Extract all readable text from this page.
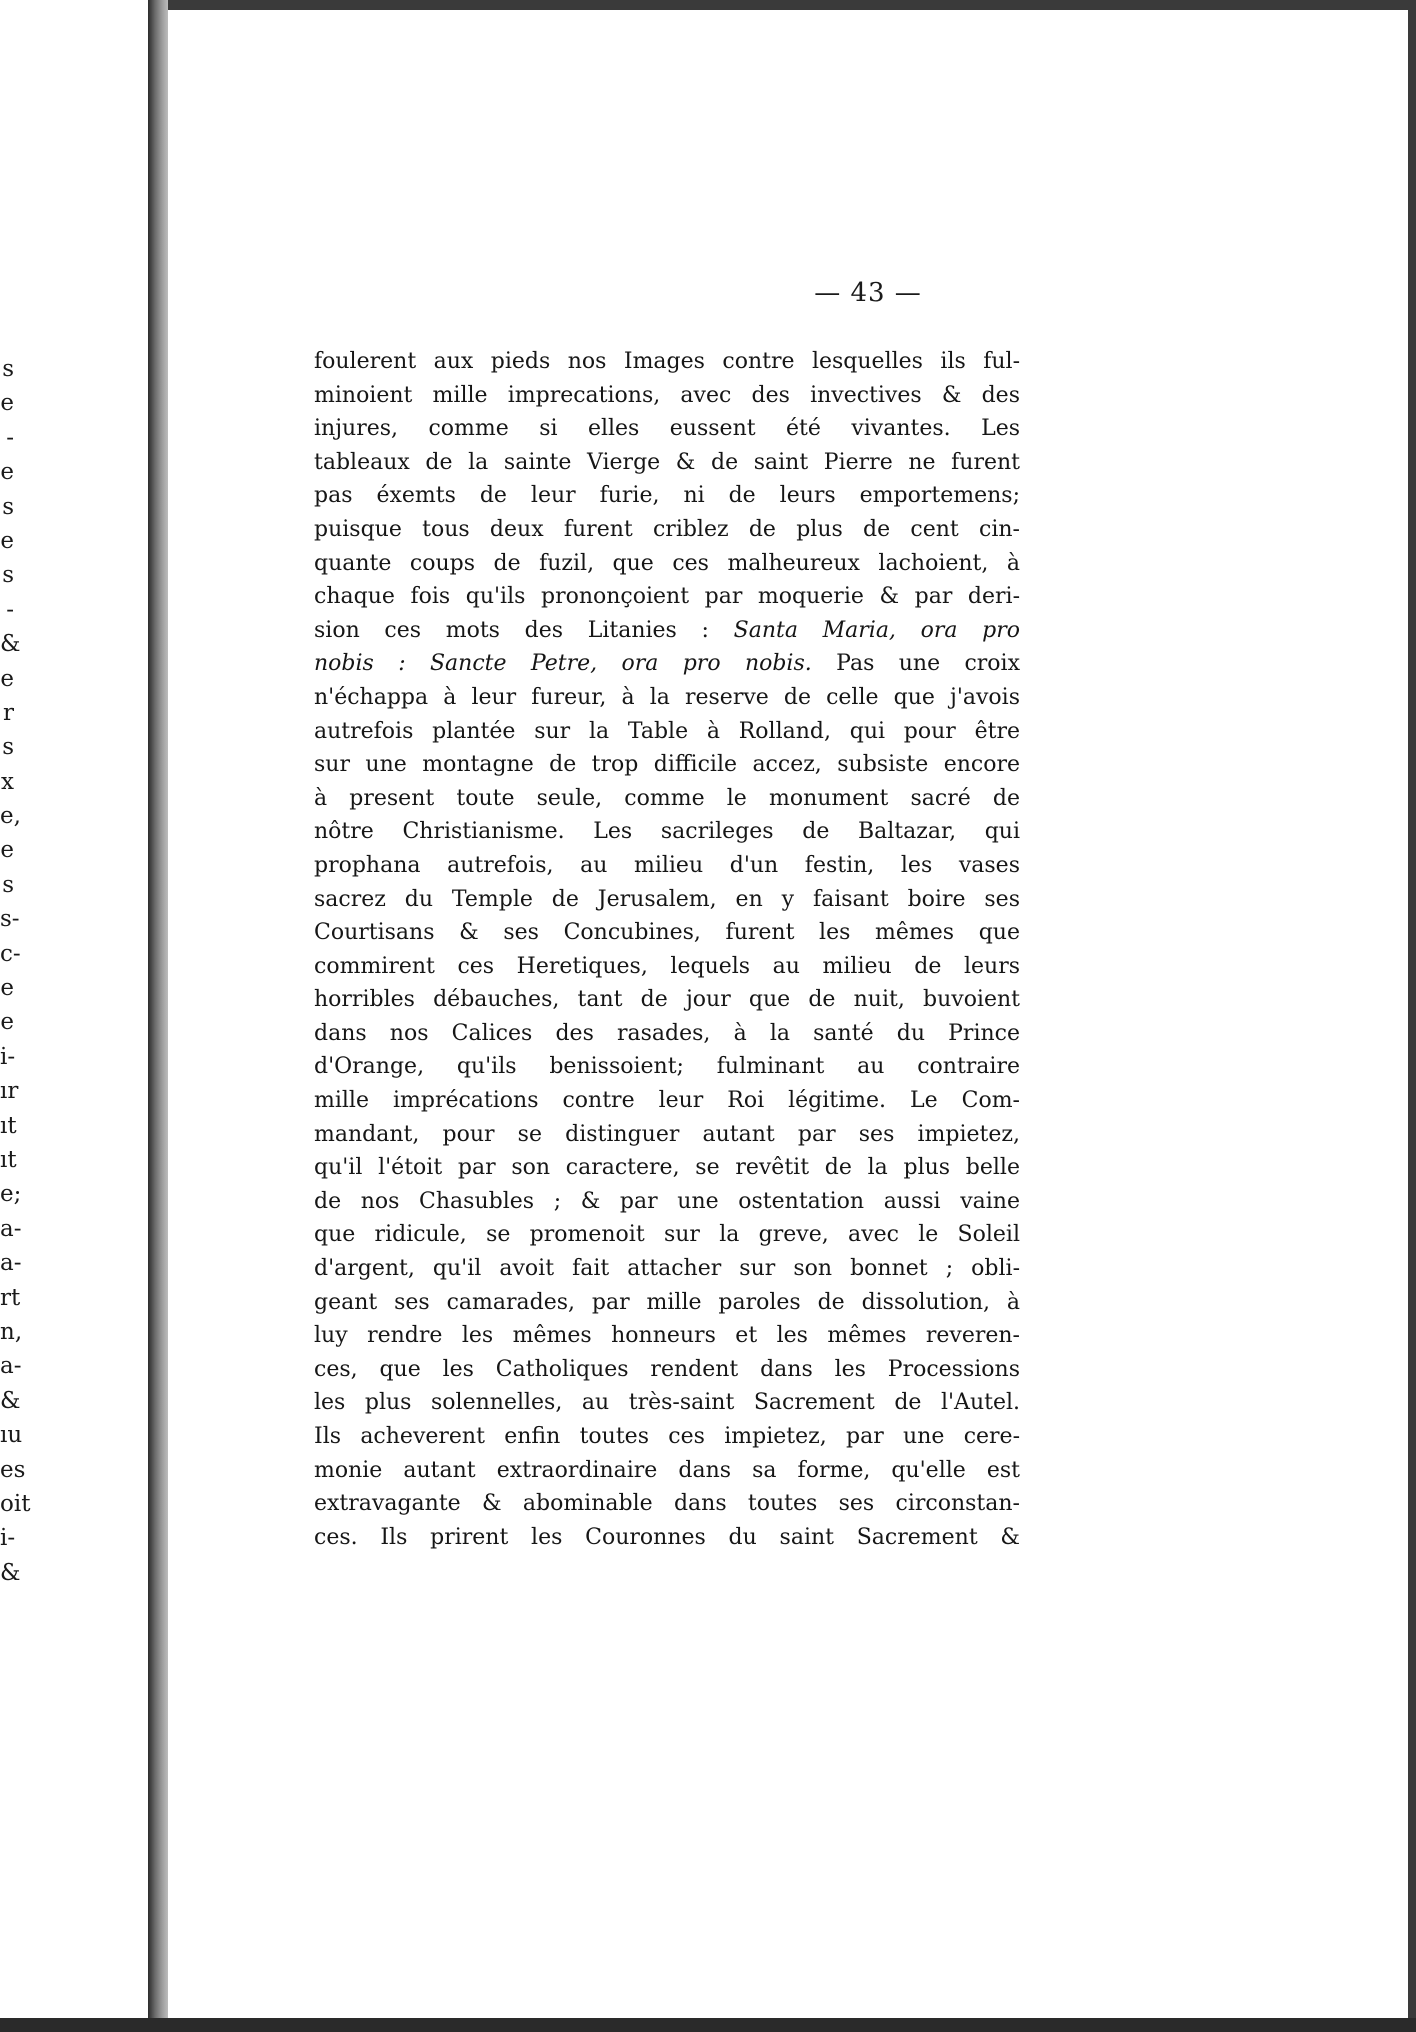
s
e
-
e
s
e
s
-
&
e
r
s
x
e,
e
s
s-
c-
e
e
i-
ır
ıt
ıt
e;
a-
a-
rt
n,
a-
&
ıu
es
oit
i-
&
— 43 —
foulerent aux pieds nos Images contre lesquelles ils ful-
minoient mille imprecations, avec des invectives & des
injures, comme si elles eussent été vivantes. Les
tableaux de la sainte Vierge & de saint Pierre ne furent
pas éxemts de leur furie, ni de leurs emportemens;
puisque tous deux furent criblez de plus de cent cin-
quante coups de fuzil, que ces malheureux lachoient, à
chaque fois qu'ils prononçoient par moquerie & par deri-
sion ces mots des Litanies : Santa Maria, ora pro
nobis : Sancte Petre, ora pro nobis. Pas une croix
n'échappa à leur fureur, à la reserve de celle que j'avois
autrefois plantée sur la Table à Rolland, qui pour être
sur une montagne de trop difficile accez, subsiste encore
à present toute seule, comme le monument sacré de
nôtre Christianisme. Les sacrileges de Baltazar, qui
prophana autrefois, au milieu d'un festin, les vases
sacrez du Temple de Jerusalem, en y faisant boire ses
Courtisans & ses Concubines, furent les mêmes que
commirent ces Heretiques, lequels au milieu de leurs
horribles débauches, tant de jour que de nuit, buvoient
dans nos Calices des rasades, à la santé du Prince
d'Orange, qu'ils benissoient; fulminant au contraire
mille imprécations contre leur Roi légitime. Le Com-
mandant, pour se distinguer autant par ses impietez,
qu'il l'étoit par son caractere, se revêtit de la plus belle
de nos Chasubles ; & par une ostentation aussi vaine
que ridicule, se promenoit sur la greve, avec le Soleil
d'argent, qu'il avoit fait attacher sur son bonnet ; obli-
geant ses camarades, par mille paroles de dissolution, à
luy rendre les mêmes honneurs et les mêmes reveren-
ces, que les Catholiques rendent dans les Processions
les plus solennelles, au très-saint Sacrement de l'Autel.
Ils acheverent enfin toutes ces impietez, par une cere-
monie autant extraordinaire dans sa forme, qu'elle est
extravagante & abominable dans toutes ses circonstan-
ces. Ils prirent les Couronnes du saint Sacrement &
